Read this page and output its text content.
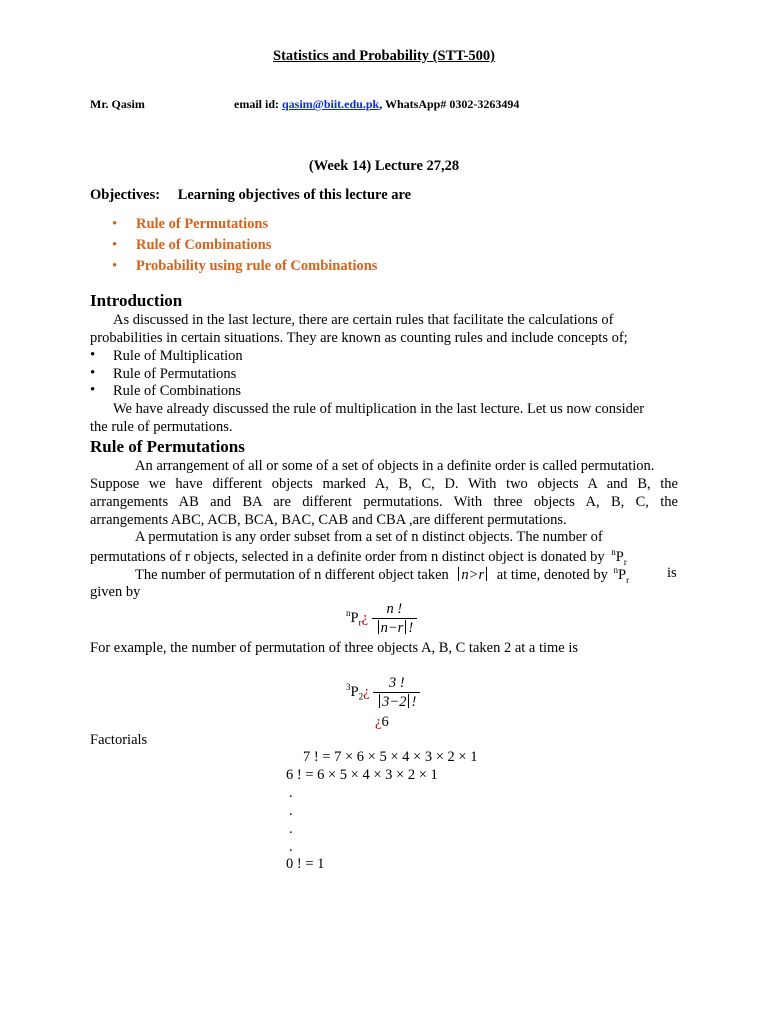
Statistics and Probability (STT-500)
Mr. Qasim	email id: qasim@biit.edu.pk, WhatsApp# 0302-3263494
(Week 14) Lecture 27,28
Objectives: Learning objectives of this lecture are
• Rule of Permutations
• Rule of Combinations
• Probability using rule of Combinations
Introduction
As discussed in the last lecture, there are certain rules that facilitate the calculations of
probabilities in certain situations. They are known as counting rules and include concepts of;
• Rule of Multiplication
• Rule of Permutations
• Rule of Combinations
We have already discussed the rule of multiplication in the last lecture. Let us now consider
the rule of permutations.
Rule of Permutations
An arrangement of all or some of a set of objects in a definite order is called permutation.
Suppose we have different objects marked A, B, C, D. With two objects A and B, the
arrangements AB and BA are different permutations. With three objects A, B, C, the
arrangements ABC, ACB, BCA, BAC, CAB and CBA ,are different permutations.
A permutation is any order subset from a set of n distinct objects. The number of
permutations of r objects, selected in a definite order from n distinct object is donated by $^nP_r$
The number of permutation of n different object taken n>r at time, denoted by $^nP_r$	is
given by
$^nP_r¿ \frac{n !}{n-r !}$
For example, the number of permutation of three objects A, B, C taken 2 at a time is
$^3P_2¿ \frac{3 !}{3-2 !}$
¿6
Factorials
7 ! = 7 × 6 × 5 × 4 × 3 × 2 × 1
6 ! = 6 × 5 × 4 × 3 × 2 × 1
.
.
.
.
0 ! = 1
